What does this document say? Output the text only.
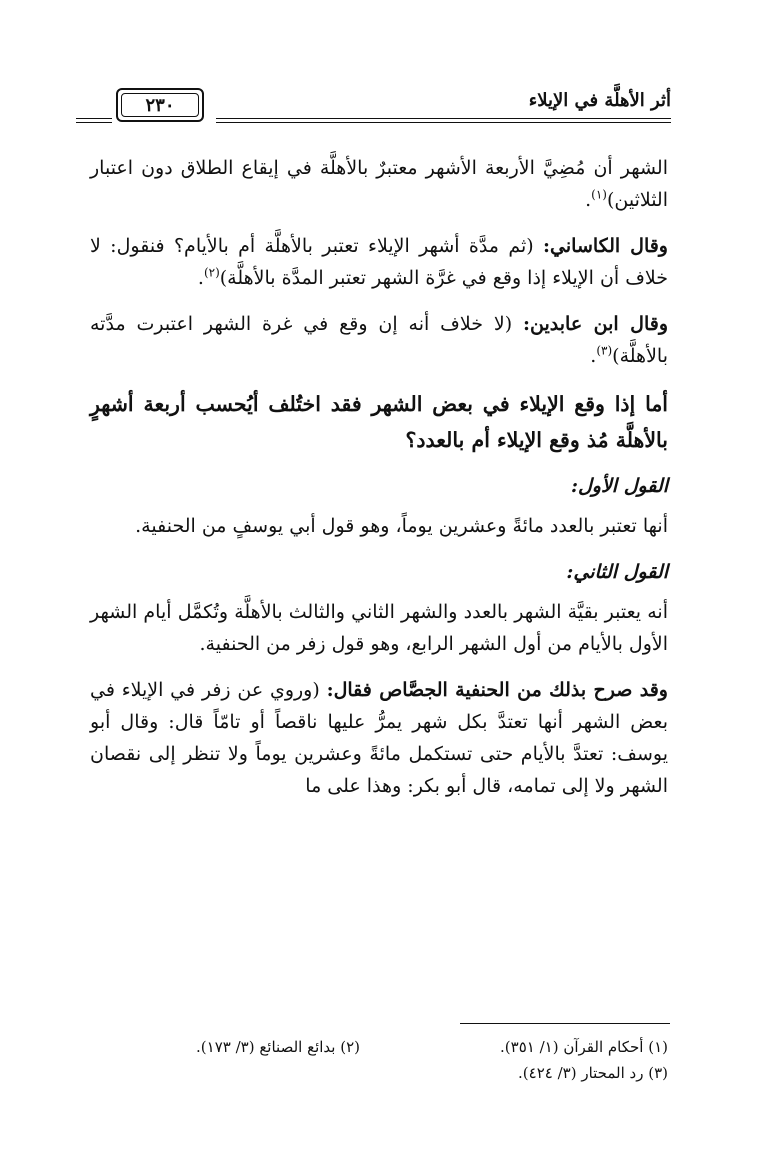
أثر الأهلَّة في الإيلاء
٢٣٠

الشهر أن مُضِيَّ الأربعة الأشهر معتبرٌ بالأهلَّة في إيقاع الطلاق دون اعتبار الثلاثين)$^{(١)}$.

وقال الكاساني: (ثم مدَّة أشهر الإيلاء تعتبر بالأهلَّة أم بالأيام؟ فنقول: لا خلاف أن الإيلاء إذا وقع في غرَّة الشهر تعتبر المدَّة بالأهلَّة)$^{(٢)}$.

وقال ابن عابدين: (لا خلاف أنه إن وقع في غرة الشهر اعتبرت مدَّته بالأهلَّة)$^{(٣)}$.

أما إذا وقع الإيلاء في بعض الشهر فقد اختُلف أيُحسب أربعة أشهرٍ بالأهلَّة مُذ وقع الإيلاء أم بالعدد؟

القول الأول:

أنها تعتبر بالعدد مائةً وعشرين يوماً، وهو قول أبي يوسفٍ من الحنفية.

القول الثاني:

أنه يعتبر بقيَّة الشهر بالعدد والشهر الثاني والثالث بالأهلَّة وتُكمَّل أيام الشهر الأول بالأيام من أول الشهر الرابع، وهو قول زفر من الحنفية.

وقد صرح بذلك من الحنفية الجصَّاص فقال: (وروي عن زفر في الإيلاء في بعض الشهر أنها تعتدَّ بكل شهر يمرُّ عليها ناقصاً أو تامّاً قال: وقال أبو يوسف: تعتدَّ بالأيام حتى تستكمل مائةً وعشرين يوماً ولا تنظر إلى نقصان الشهر ولا إلى تمامه، قال أبو بكر: وهذا على ما

(١) أحكام القرآن (١/ ٣٥١).
(٢) بدائع الصنائع (٣/ ١٧٣).
(٣) رد المحتار (٣/ ٤٢٤).
